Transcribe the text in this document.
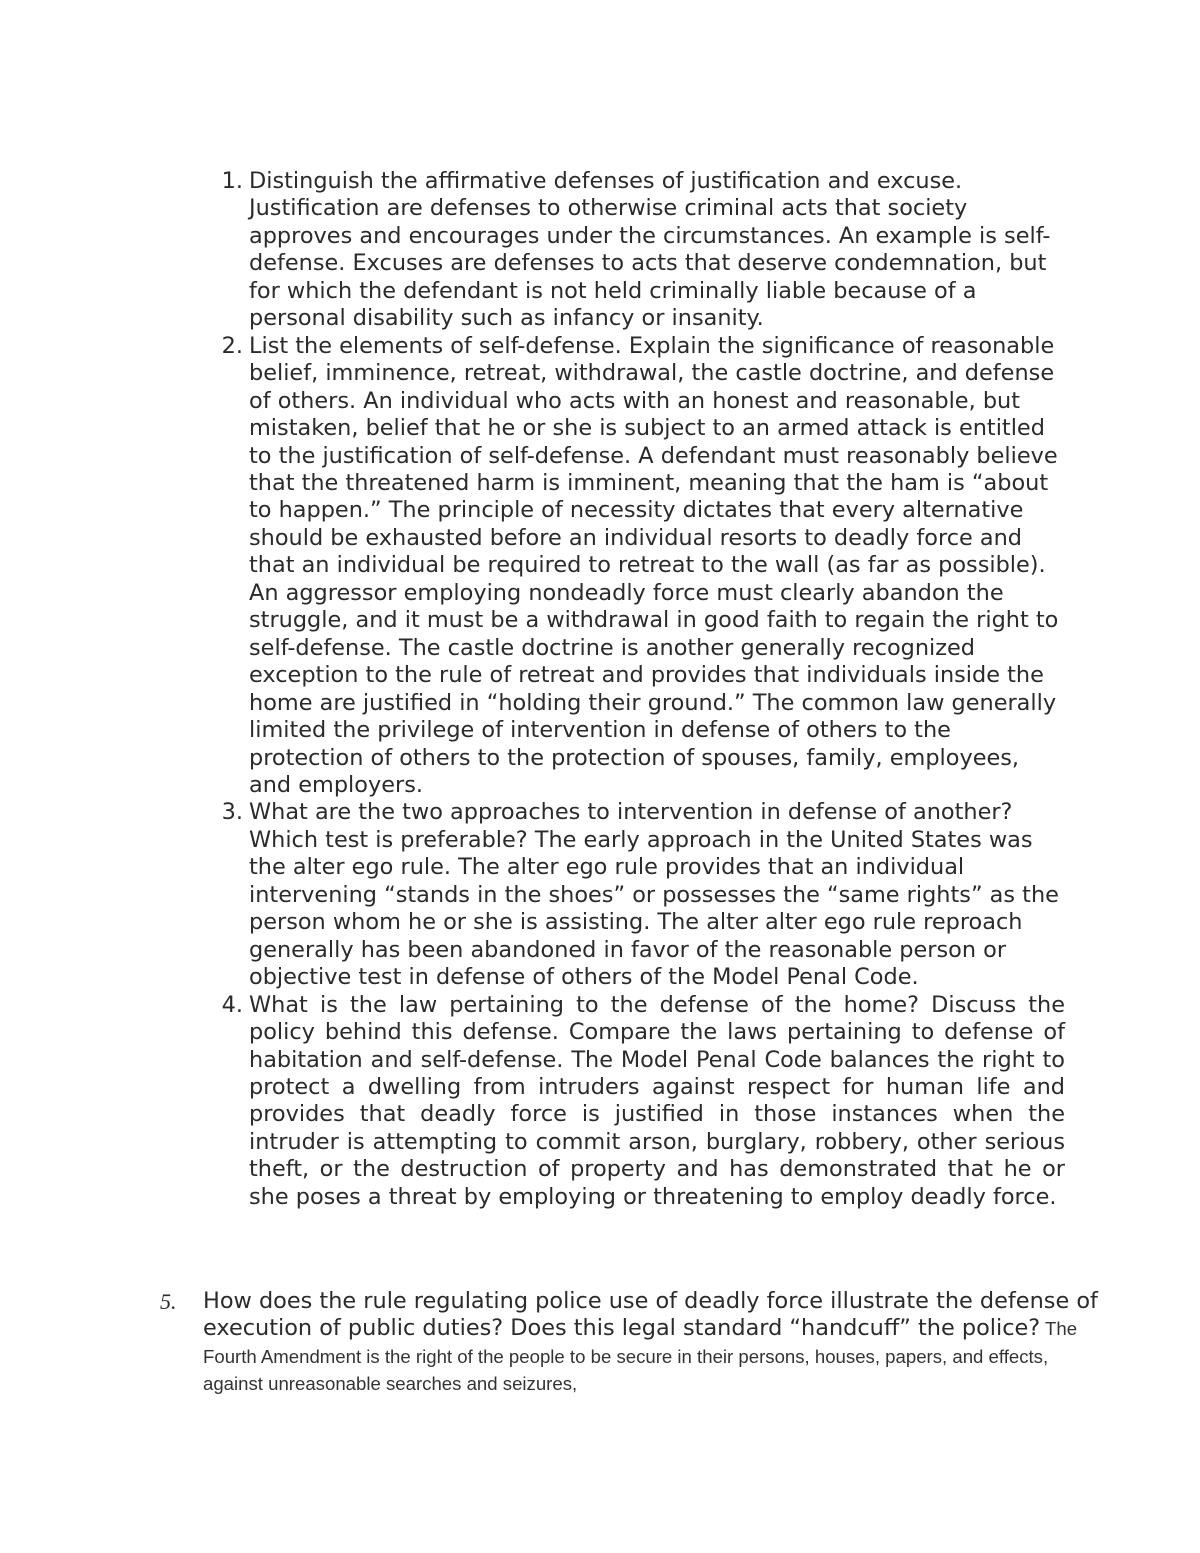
1. Distinguish the affirmative defenses of justification and excuse. Justification are defenses to otherwise criminal acts that society approves and encourages under the circumstances. An example is self-defense. Excuses are defenses to acts that deserve condemnation, but for which the defendant is not held criminally liable because of a personal disability such as infancy or insanity.
2. List the elements of self-defense. Explain the significance of reasonable belief, imminence, retreat, withdrawal, the castle doctrine, and defense of others. An individual who acts with an honest and reasonable, but mistaken, belief that he or she is subject to an armed attack is entitled to the justification of self-defense. A defendant must reasonably believe that the threatened harm is imminent, meaning that the ham is “about to happen.” The principle of necessity dictates that every alternative should be exhausted before an individual resorts to deadly force and that an individual be required to retreat to the wall (as far as possible). An aggressor employing nondeadly force must clearly abandon the struggle, and it must be a withdrawal in good faith to regain the right to self-defense. The castle doctrine is another generally recognized exception to the rule of retreat and provides that individuals inside the home are justified in “holding their ground.” The common law generally limited the privilege of intervention in defense of others to the protection of others to the protection of spouses, family, employees, and employers.
3. What are the two approaches to intervention in defense of another? Which test is preferable? The early approach in the United States was the alter ego rule. The alter ego rule provides that an individual intervening “stands in the shoes” or possesses the “same rights” as the person whom he or she is assisting. The alter alter ego rule reproach generally has been abandoned in favor of the reasonable person or objective test in defense of others of the Model Penal Code.
4. What is the law pertaining to the defense of the home? Discuss the policy behind this defense. Compare the laws pertaining to defense of habitation and self-defense. The Model Penal Code balances the right to protect a dwelling from intruders against respect for human life and provides that deadly force is justified in those instances when the intruder is attempting to commit arson, burglary, robbery, other serious theft, or the destruction of property and has demonstrated that he or she poses a threat by employing or threatening to employ deadly force.
5. How does the rule regulating police use of deadly force illustrate the defense of execution of public duties? Does this legal standard “handcuff” the police? The Fourth Amendment is the right of the people to be secure in their persons, houses, papers, and effects, against unreasonable searches and seizures,
